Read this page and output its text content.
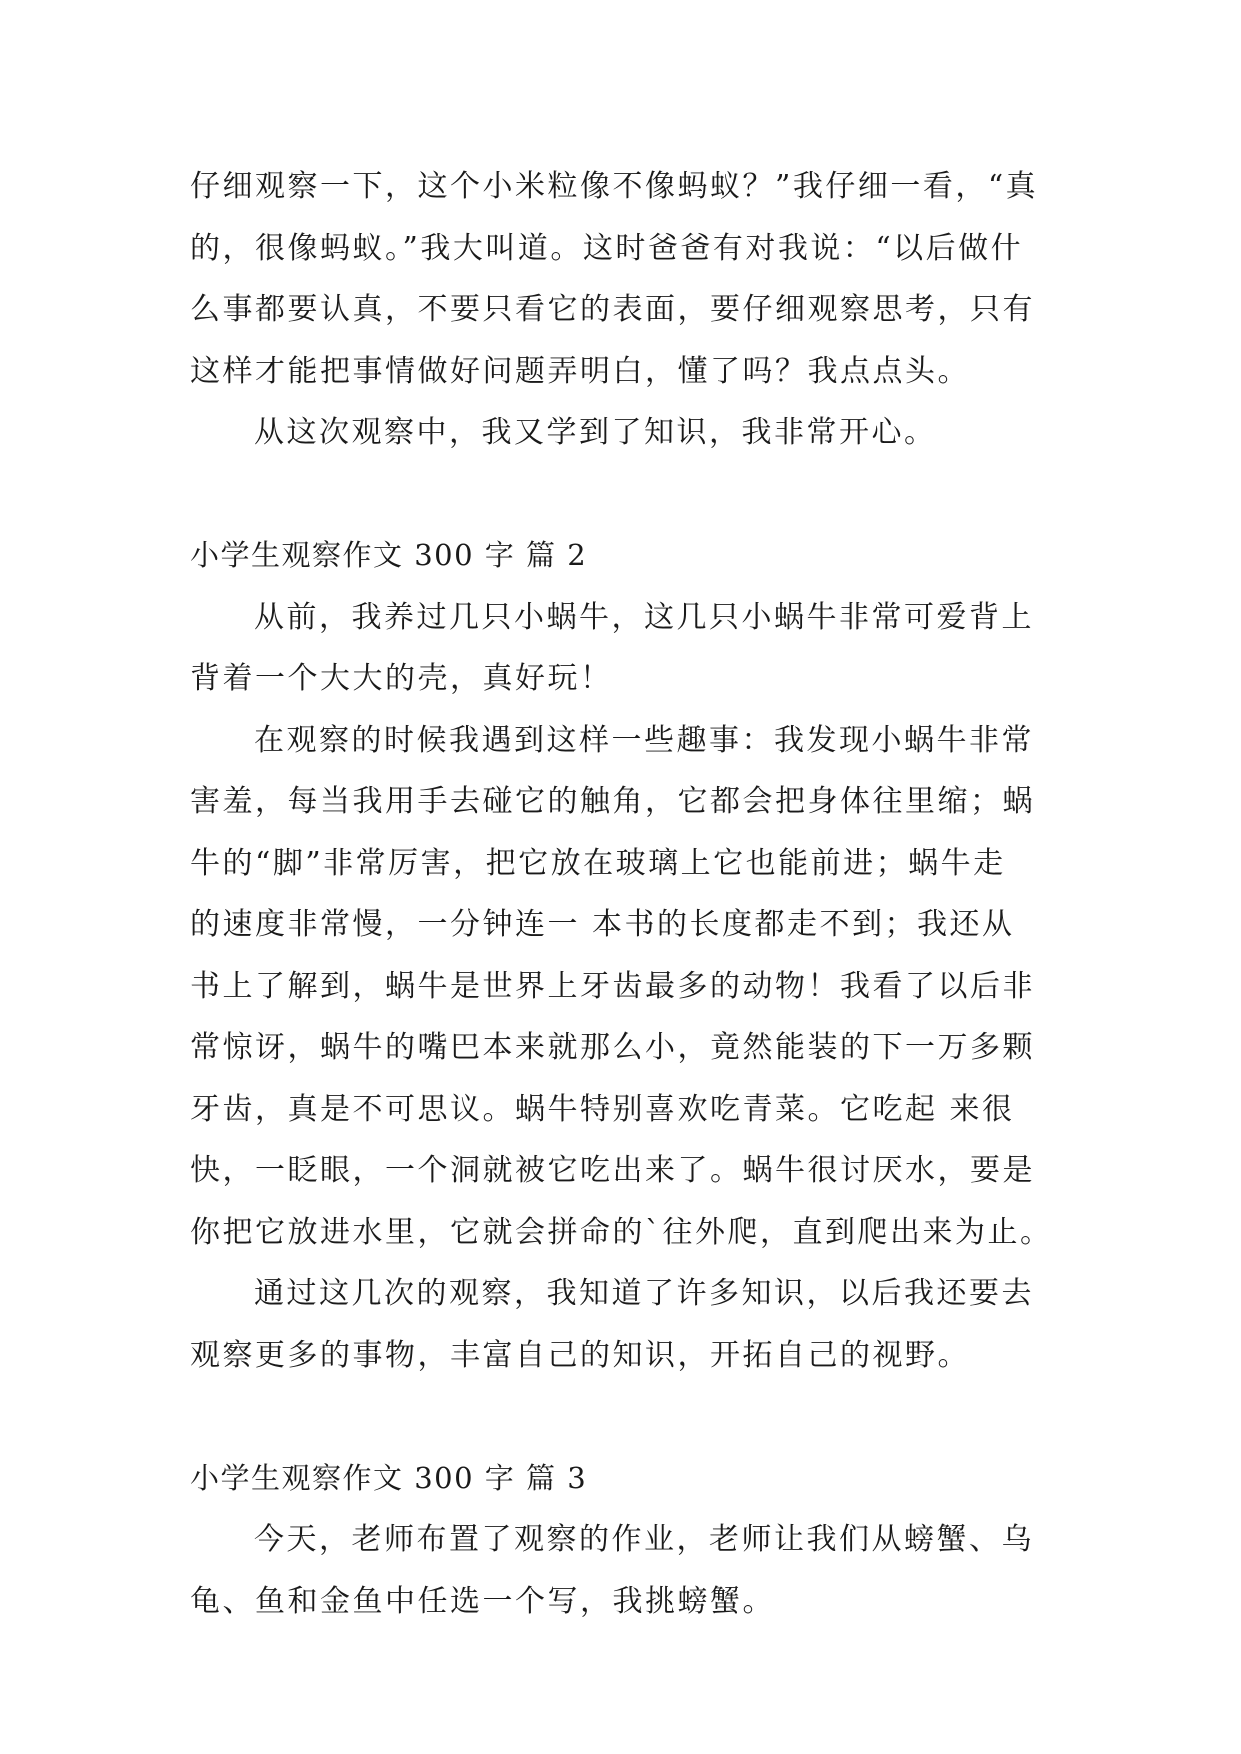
仔细观察一下，这个小米粒像不像蚂蚁？”我仔细一看，“真
的，很像蚂蚁。”我大叫道。这时爸爸有对我说：“以后做什
么事都要认真，不要只看它的表面，要仔细观察思考，只有
这样才能把事情做好问题弄明白，懂了吗？我点点头。
从这次观察中，我又学到了知识，我非常开心。
小学生观察作文 300 字 篇 2
从前，我养过几只小蜗牛，这几只小蜗牛非常可爱背上
背着一个大大的壳，真好玩！
在观察的时候我遇到这样一些趣事：我发现小蜗牛非常
害羞，每当我用手去碰它的触角，它都会把身体往里缩；蜗
牛的“脚”非常厉害，把它放在玻璃上它也能前进；蜗牛走
的速度非常慢，一分钟连一 本书的长度都走不到；我还从
书上了解到，蜗牛是世界上牙齿最多的动物！我看了以后非
常惊讶，蜗牛的嘴巴本来就那么小，竟然能装的下一万多颗
牙齿，真是不可思议。蜗牛特别喜欢吃青菜。它吃起 来很
快，一眨眼，一个洞就被它吃出来了。蜗牛很讨厌水，要是
你把它放进水里，它就会拼命的`往外爬，直到爬出来为止。
通过这几次的观察，我知道了许多知识，以后我还要去
观察更多的事物，丰富自己的知识，开拓自己的视野。
小学生观察作文 300 字 篇 3
今天，老师布置了观察的作业，老师让我们从螃蟹、乌
龟、鱼和金鱼中任选一个写，我挑螃蟹。
